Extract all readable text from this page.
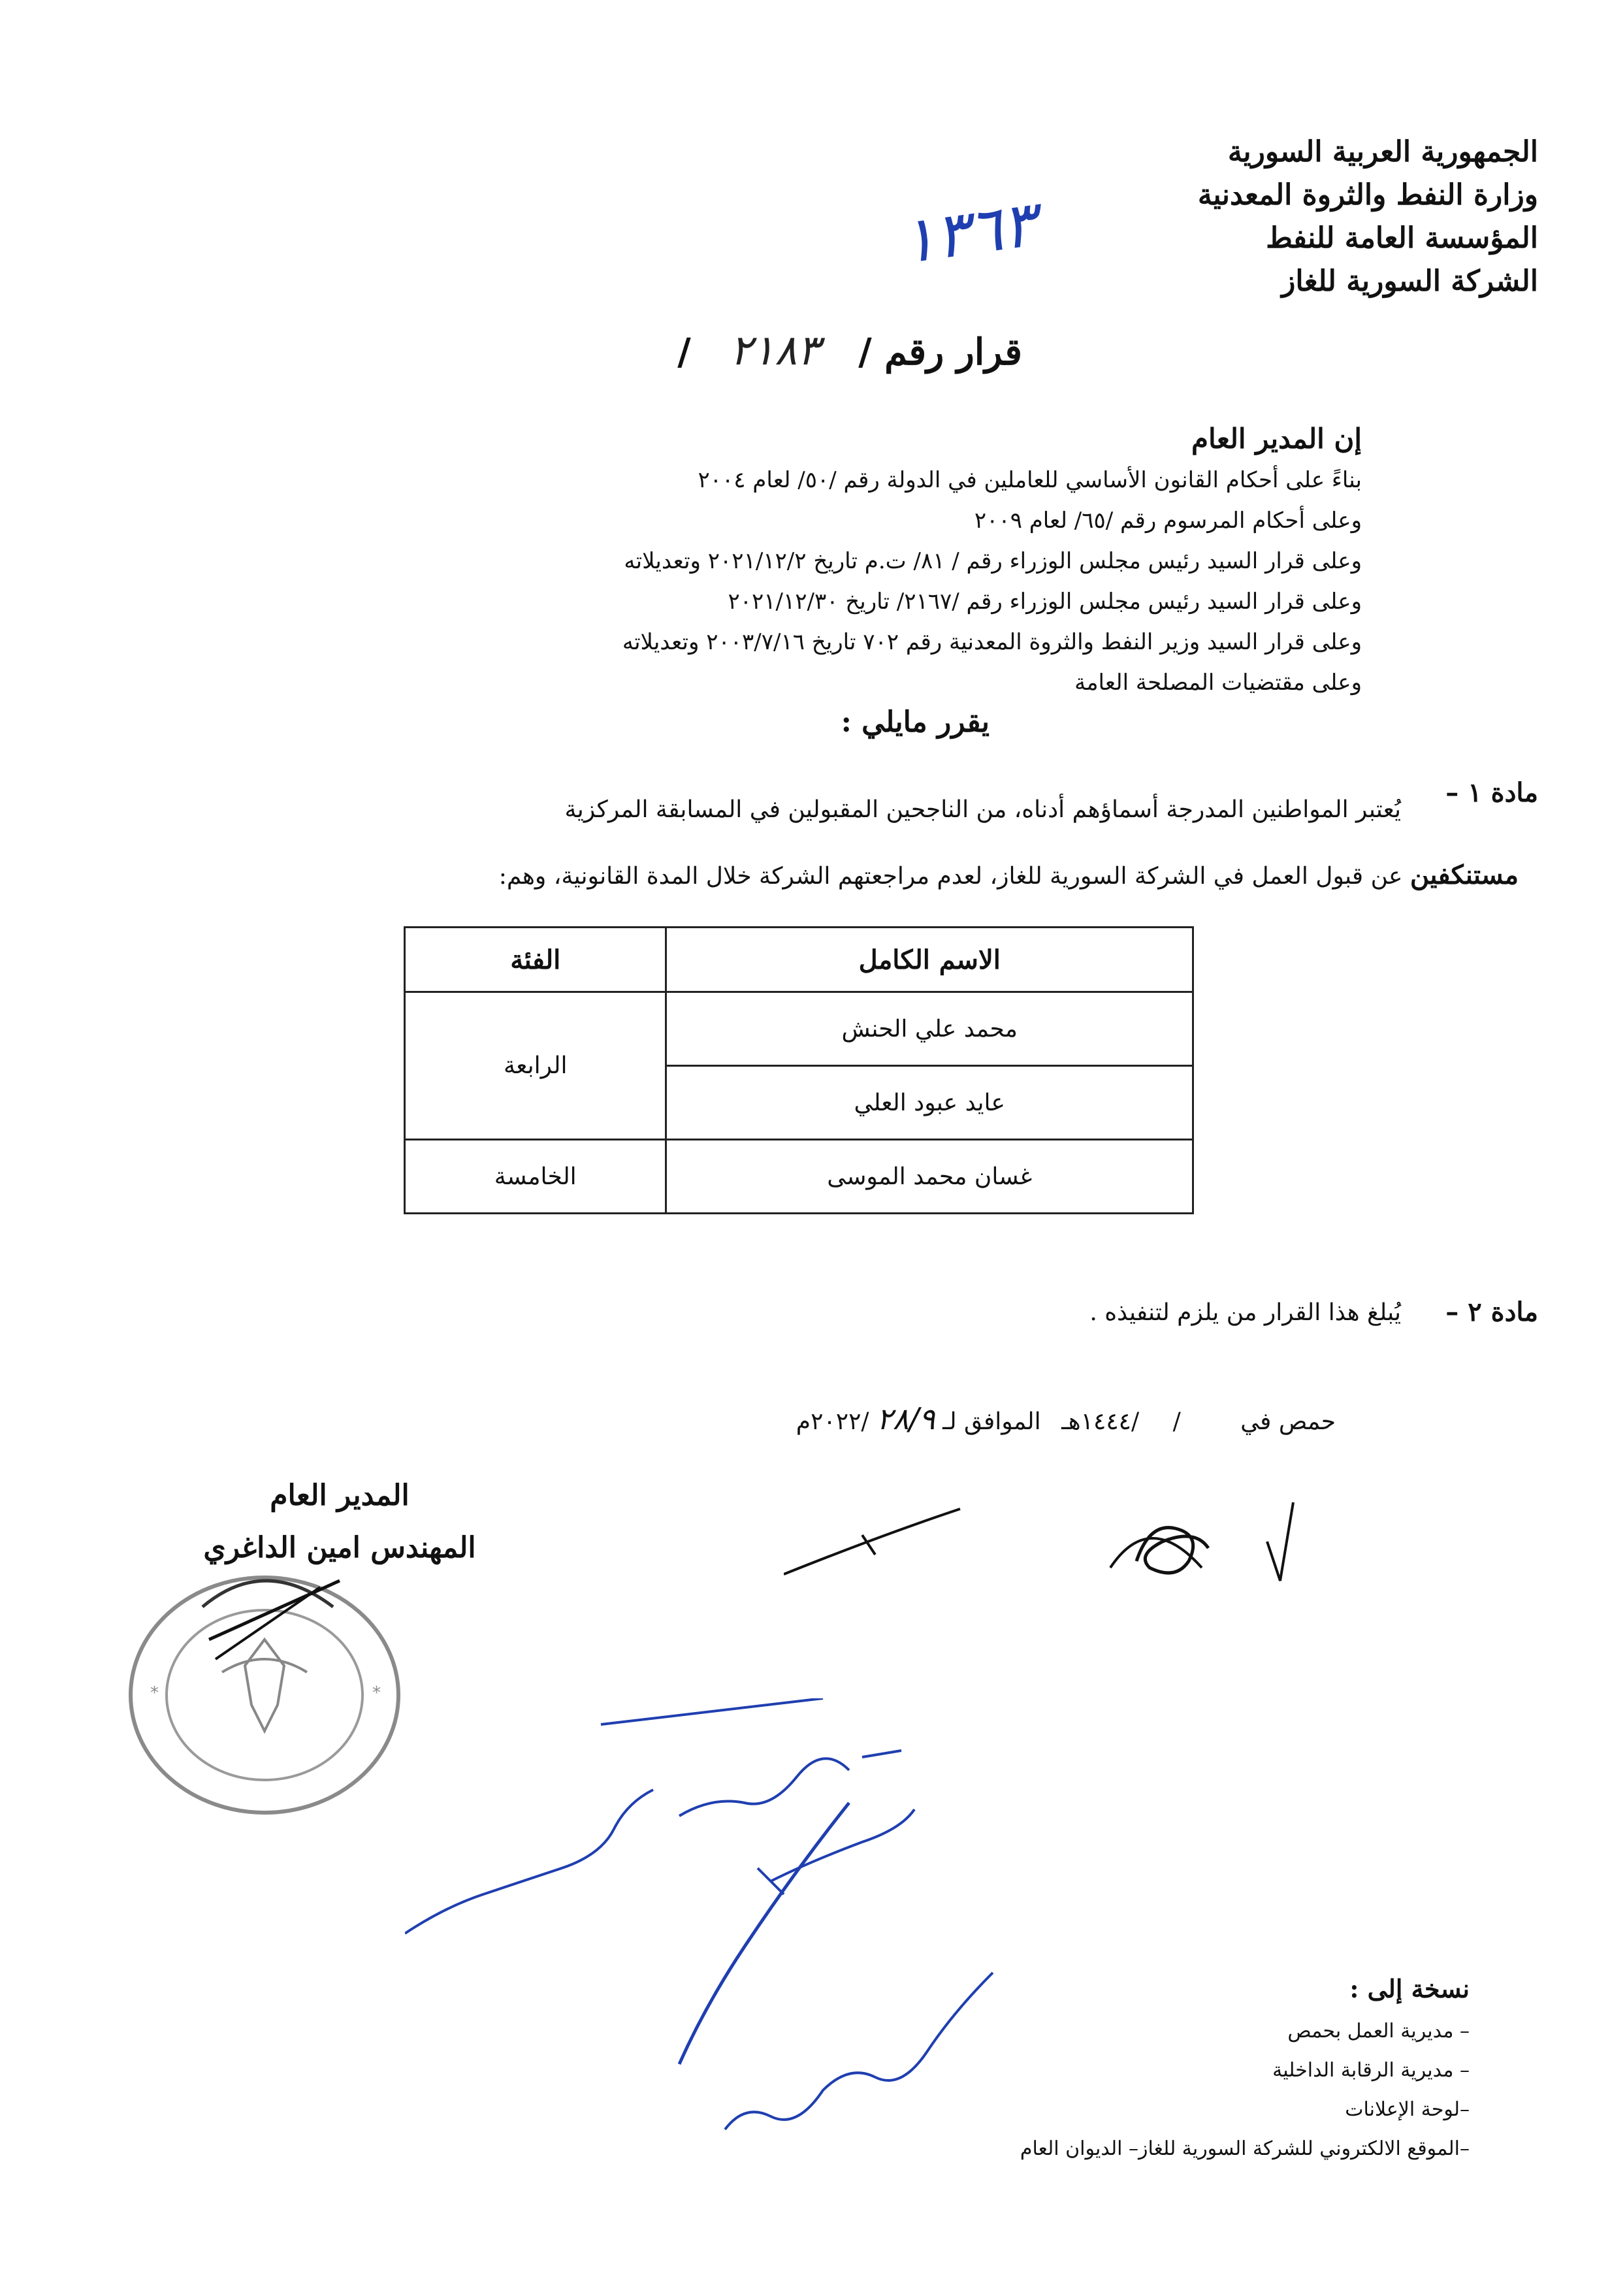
الجمهورية العربية السورية
وزارة النفط والثروة المعدنية
المؤسسة العامة للنفط
الشركة السورية للغاز
١٣٦٣
قرار رقم / ٢١٨٣ /
إن المدير العام
بناءً على أحكام القانون الأساسي للعاملين في الدولة رقم /٥٠/ لعام ٢٠٠٤
وعلى أحكام المرسوم رقم /٦٥/ لعام ٢٠٠٩
وعلى قرار السيد رئيس مجلس الوزراء رقم / ٨١/ ت.م تاريخ ٢٠٢١/١٢/٢ وتعديلاته
وعلى قرار السيد رئيس مجلس الوزراء رقم /٢١٦٧/ تاريخ ٢٠٢١/١٢/٣٠
وعلى قرار السيد وزير النفط والثروة المعدنية رقم ٧٠٢ تاريخ ٢٠٠٣/٧/١٦ وتعديلاته
وعلى مقتضيات المصلحة العامة
يقرر مايلي :
مادة ١ –
يُعتبر المواطنين المدرجة أسماؤهم أدناه، من الناجحين المقبولين في المسابقة المركزية
مستنكفين عن قبول العمل في الشركة السورية للغاز، لعدم مراجعتهم الشركة خلال المدة القانونية، وهم:
الاسم الكامل	الفئة
محمد علي الحنش	الرابعة
عايد عبود العلي	
غسان محمد الموسى	الخامسة
مادة ٢ –
يُبلغ هذا القرار من يلزم لتنفيذه .
حمص في / /١٤٤٤هـ الموافق لـ ٢٨/٩ /٢٠٢٢م
المدير العام
المهندس امين الداغري
*	*
نسخة إلى :
– مديرية العمل بحمص
– مديرية الرقابة الداخلية
–لوحة الإعلانات
–الموقع الالكتروني للشركة السورية للغاز– الديوان العام
